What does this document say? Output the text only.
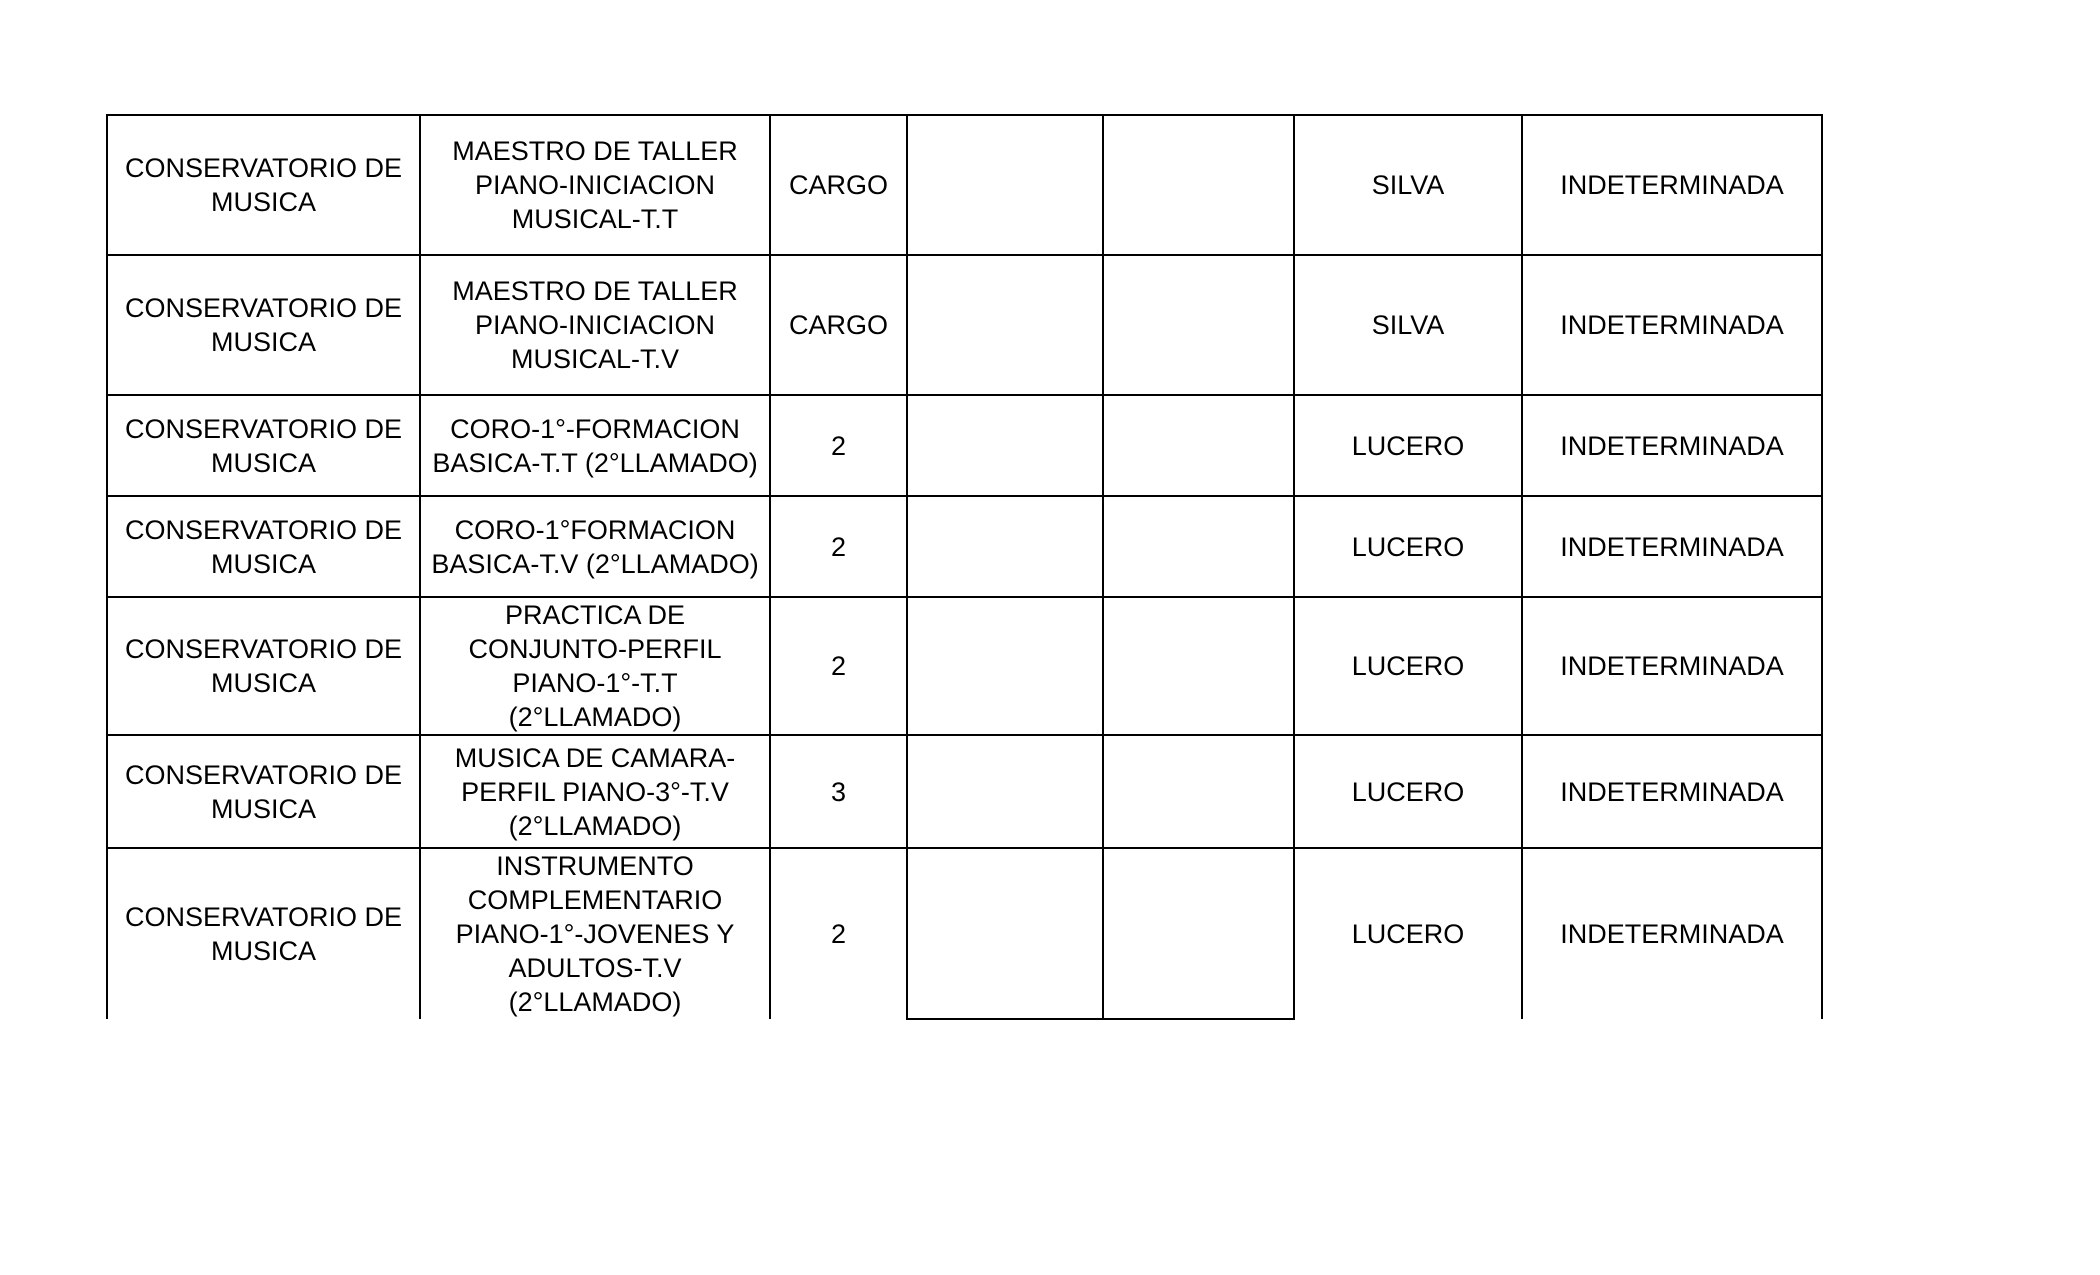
CONSERVATORIO DE MUSICA	MAESTRO DE TALLER PIANO-INICIACION MUSICAL-T.T	CARGO			SILVA	INDETERMINADA
CONSERVATORIO DE MUSICA	MAESTRO DE TALLER PIANO-INICIACION MUSICAL-T.V	CARGO			SILVA	INDETERMINADA
CONSERVATORIO DE MUSICA	CORO-1°-FORMACION BASICA-T.T (2°LLAMADO)	2			LUCERO	INDETERMINADA
CONSERVATORIO DE MUSICA	CORO-1°FORMACION BASICA-T.V (2°LLAMADO)	2			LUCERO	INDETERMINADA
CONSERVATORIO DE MUSICA	PRACTICA DE CONJUNTO-PERFIL PIANO-1°-T.T (2°LLAMADO)	2			LUCERO	INDETERMINADA
CONSERVATORIO DE MUSICA	MUSICA DE CAMARA-PERFIL PIANO-3°-T.V (2°LLAMADO)	3			LUCERO	INDETERMINADA
CONSERVATORIO DE MUSICA	INSTRUMENTO COMPLEMENTARIO PIANO-1°-JOVENES Y ADULTOS-T.V (2°LLAMADO)	2			LUCERO	INDETERMINADA
